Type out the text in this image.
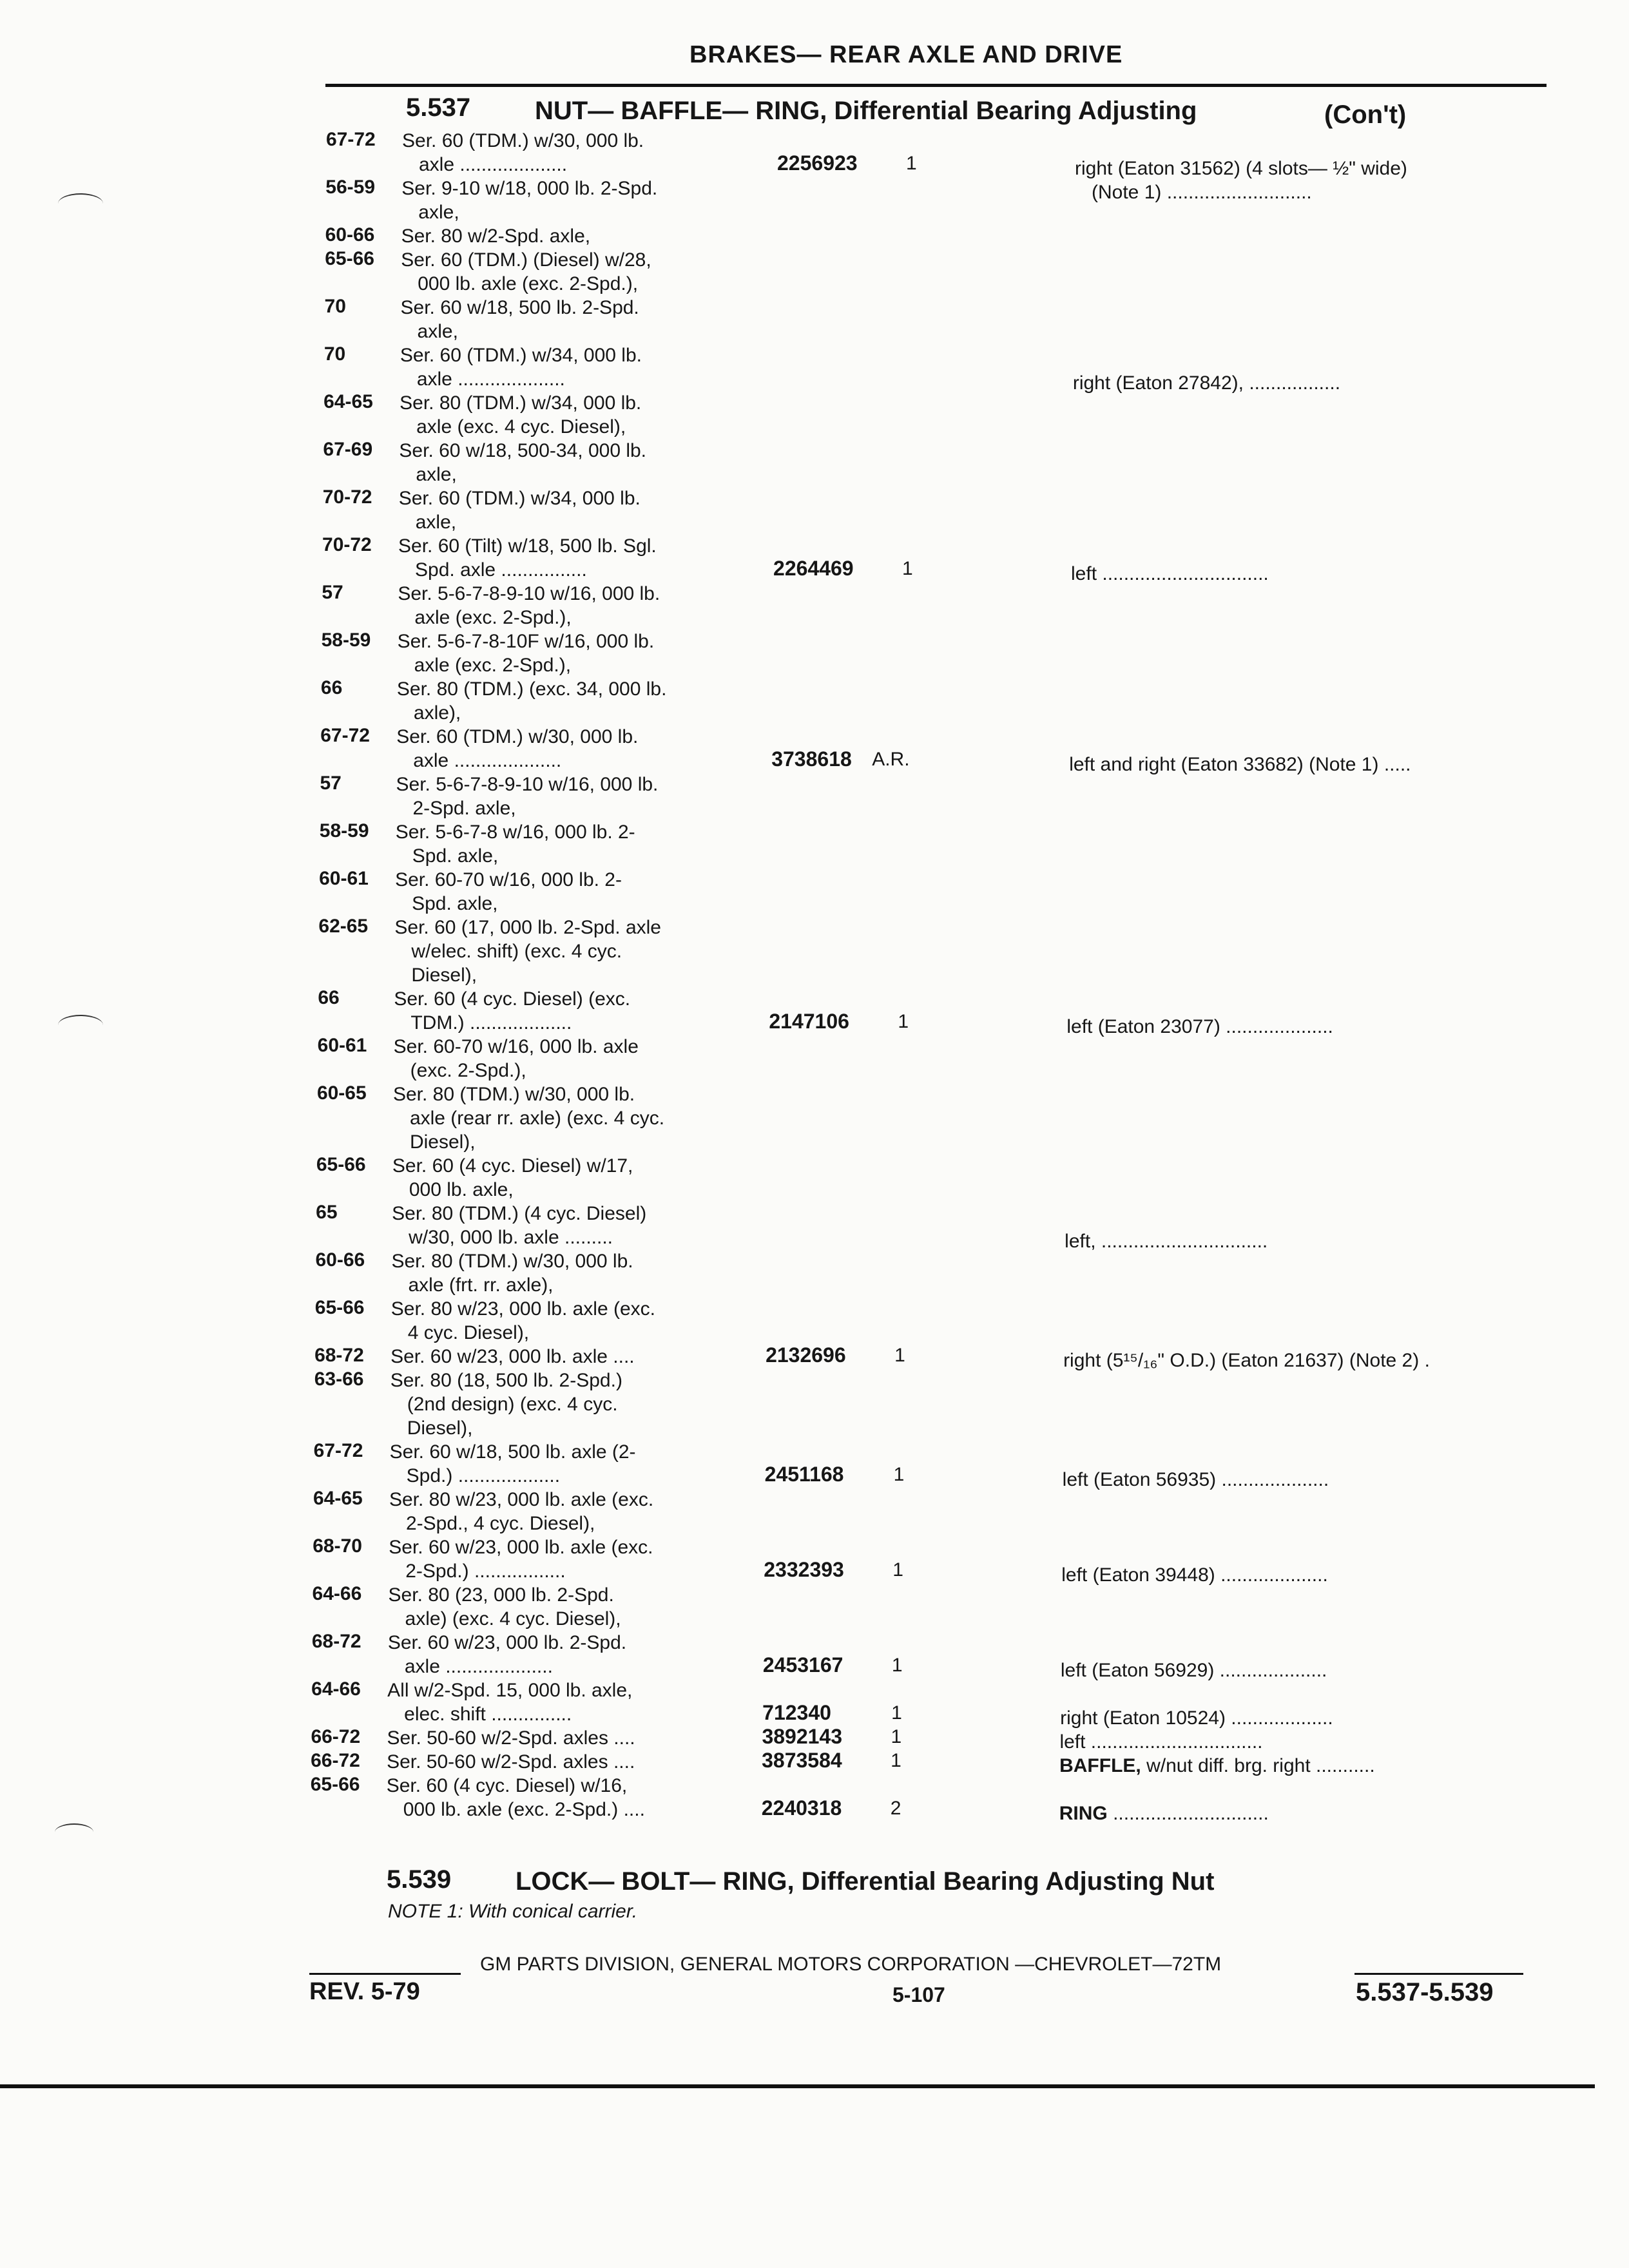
BRAKES— REAR AXLE AND DRIVE
5.537 NUT— BAFFLE— RING, Differential Bearing Adjusting	(Con't)
67-72 Ser. 60 (TDM.) w/30, 000 lb.
axle ....................	2256923	1	right (Eaton 31562) (4 slots— ½" wide)
(Note 1) ...........................
56-59 Ser. 9-10 w/18, 000 lb. 2-Spd.
axle,
60-66 Ser. 80 w/2-Spd. axle,
65-66 Ser. 60 (TDM.) (Diesel) w/28,
000 lb. axle (exc. 2-Spd.),
70	Ser. 60 w/18, 500 lb. 2-Spd.
axle,
70	Ser. 60 (TDM.) w/34, 000 lb.
axle ....................	right (Eaton 27842), .................
64-65 Ser. 80 (TDM.) w/34, 000 lb.
axle (exc. 4 cyc. Diesel),
67-69 Ser. 60 w/18, 500-34, 000 lb.
axle,
70-72 Ser. 60 (TDM.) w/34, 000 lb.
axle,
70-72 Ser. 60 (Tilt) w/18, 500 lb. Sgl.
Spd. axle ................	2264469	1	left ...............................
57	Ser. 5-6-7-8-9-10 w/16, 000 lb.
axle (exc. 2-Spd.),
58-59 Ser. 5-6-7-8-10F w/16, 000 lb.
axle (exc. 2-Spd.),
66	Ser. 80 (TDM.) (exc. 34, 000 lb.
axle),
67-72 Ser. 60 (TDM.) w/30, 000 lb.
axle ....................	3738618 A.R.	left and right (Eaton 33682) (Note 1) .....
57	Ser. 5-6-7-8-9-10 w/16, 000 lb.
2-Spd. axle,
58-59 Ser. 5-6-7-8 w/16, 000 lb. 2-
Spd. axle,
60-61 Ser. 60-70 w/16, 000 lb. 2-
Spd. axle,
62-65 Ser. 60 (17, 000 lb. 2-Spd. axle
w/elec. shift) (exc. 4 cyc.
Diesel),
66	Ser. 60 (4 cyc. Diesel) (exc.
TDM.) ...................	2147106	1	left (Eaton 23077) ....................
60-61 Ser. 60-70 w/16, 000 lb. axle
(exc. 2-Spd.),
60-65 Ser. 80 (TDM.) w/30, 000 lb.
axle (rear rr. axle) (exc. 4 cyc.
Diesel),
65-66 Ser. 60 (4 cyc. Diesel) w/17,
000 lb. axle,
65	Ser. 80 (TDM.) (4 cyc. Diesel)
w/30, 000 lb. axle .........	left, ...............................
60-66 Ser. 80 (TDM.) w/30, 000 lb.
axle (frt. rr. axle),
65-66 Ser. 80 w/23, 000 lb. axle (exc.
4 cyc. Diesel),
68-72 Ser. 60 w/23, 000 lb. axle ....	2132696	1	right (5¹⁵/₁₆" O.D.) (Eaton 21637) (Note 2) .
63-66 Ser. 80 (18, 500 lb. 2-Spd.)
(2nd design) (exc. 4 cyc.
Diesel),
67-72 Ser. 60 w/18, 500 lb. axle (2-
Spd.) ...................	2451168	1	left (Eaton 56935) ....................
64-65 Ser. 80 w/23, 000 lb. axle (exc.
2-Spd., 4 cyc. Diesel),
68-70 Ser. 60 w/23, 000 lb. axle (exc.
2-Spd.) .................	2332393	1	left (Eaton 39448) ....................
64-66 Ser. 80 (23, 000 lb. 2-Spd.
axle) (exc. 4 cyc. Diesel),
68-72 Ser. 60 w/23, 000 lb. 2-Spd.
axle ....................	2453167	1	left (Eaton 56929) ....................
64-66 All w/2-Spd. 15, 000 lb. axle,
elec. shift ...............	712340	1	right (Eaton 10524) ...................
66-72 Ser. 50-60 w/2-Spd. axles ....	3892143	1	left ................................
66-72 Ser. 50-60 w/2-Spd. axles ....	3873584	1	BAFFLE, w/nut diff. brg. right ...........
65-66 Ser. 60 (4 cyc. Diesel) w/16,
000 lb. axle (exc. 2-Spd.) ....	2240318	2	RING .............................
5.539 LOCK— BOLT— RING, Differential Bearing Adjusting Nut
NOTE 1: With conical carrier.
GM PARTS DIVISION, GENERAL MOTORS CORPORATION —CHEVROLET—72TM
REV. 5-79	5-107	5.537-5.539
